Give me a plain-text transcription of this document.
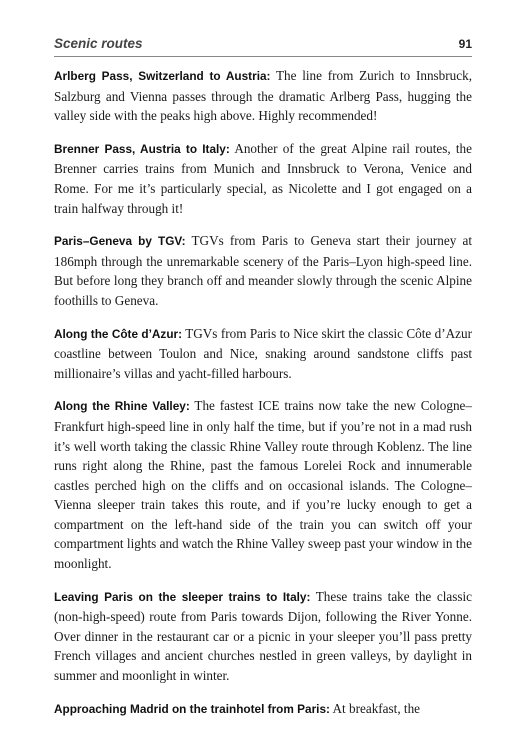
Scenic routes	91

Arlberg Pass, Switzerland to Austria: The line from Zurich to Innsbruck, Salzburg and Vienna passes through the dramatic Arlberg Pass, hugging the valley side with the peaks high above. Highly recommended!

Brenner Pass, Austria to Italy: Another of the great Alpine rail routes, the Brenner carries trains from Munich and Innsbruck to Verona, Venice and Rome. For me it’s particularly special, as Nicolette and I got engaged on a train halfway through it!

Paris–Geneva by TGV: TGVs from Paris to Geneva start their journey at 186mph through the unremarkable scenery of the Paris–Lyon high-speed line. But before long they branch off and meander slowly through the scenic Alpine foothills to Geneva.

Along the Côte d’Azur: TGVs from Paris to Nice skirt the classic Côte d’Azur coastline between Toulon and Nice, snaking around sandstone cliffs past millionaire’s villas and yacht-filled harbours.

Along the Rhine Valley: The fastest ICE trains now take the new Cologne–Frankfurt high-speed line in only half the time, but if you’re not in a mad rush it’s well worth taking the classic Rhine Valley route through Koblenz. The line runs right along the Rhine, past the famous Lorelei Rock and innumerable castles perched high on the cliffs and on occasional islands. The Cologne–Vienna sleeper train takes this route, and if you’re lucky enough to get a compartment on the left-hand side of the train you can switch off your compartment lights and watch the Rhine Valley sweep past your window in the moonlight.

Leaving Paris on the sleeper trains to Italy: These trains take the classic (non-high-speed) route from Paris towards Dijon, following the River Yonne. Over dinner in the restaurant car or a picnic in your sleeper you’ll pass pretty French villages and ancient churches nestled in green valleys, by daylight in summer and moonlight in winter.

Approaching Madrid on the trainhotel from Paris: At breakfast, the
